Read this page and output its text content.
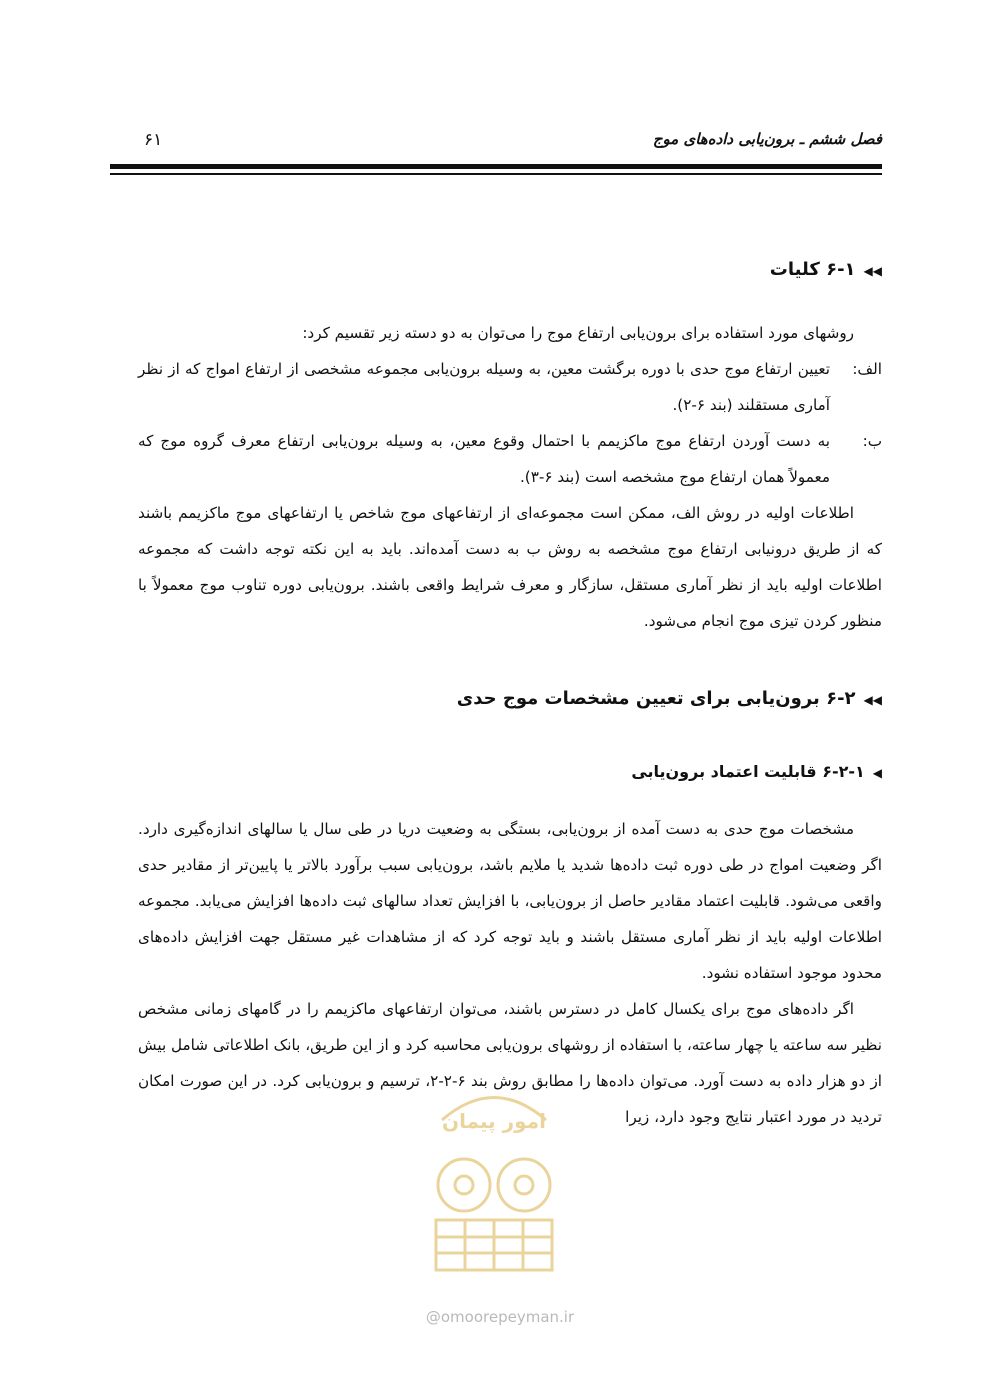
فصل ششم ـ برون‌یابی داده‌های موج
۶۱
◀◀۶-۱ کلیات

روشهای مورد استفاده برای برون‌یابی ارتفاع موج را می‌توان به دو دسته زیر تقسیم کرد:

الف:
تعیین ارتفاع موج حدی با دوره برگشت معین، به وسیله برون‌یابی مجموعه مشخصی از ارتفاع امواج که از نظر آماری مستقلند (بند ۶-۲).
ب:
به دست آوردن ارتفاع موج ماکزیمم با احتمال وقوع معین، به وسیله برون‌یابی ارتفاع معرف گروه موج که معمولاً همان ارتفاع موج مشخصه است (بند ۶-۳).

اطلاعات اولیه در روش الف، ممکن است مجموعه‌ای از ارتفاعهای موج شاخص یا ارتفاعهای موج ماکزیمم باشند که از طریق درونیابی ارتفاع موج مشخصه به روش ب به دست آمده‌اند. باید به این نکته توجه داشت که مجموعه اطلاعات اولیه باید از نظر آماری مستقل، سازگار و معرف شرایط واقعی باشند. برون‌یابی دوره تناوب موج معمولاً با منظور کردن تیزی موج انجام می‌شود.

◀◀۶-۲ برون‌یابی برای تعیین مشخصات موج حدی
◀۶-۲-۱ قابلیت اعتماد برون‌یابی

مشخصات موج حدی به دست آمده از برون‌یابی، بستگی به وضعیت دریا در طی سال یا سالهای اندازه‌گیری دارد. اگر وضعیت امواج در طی دوره ثبت داده‌ها شدید یا ملایم باشد، برون‌یابی سبب برآورد بالاتر یا پایین‌تر از مقادیر حدی واقعی می‌شود. قابلیت اعتماد مقادیر حاصل از برون‌یابی، با افزایش تعداد سالهای ثبت داده‌ها افزایش می‌یابد. مجموعه اطلاعات اولیه باید از نظر آماری مستقل باشند و باید توجه کرد که از مشاهدات غیر مستقل جهت افزایش داده‌های محدود موجود استفاده نشود.

اگر داده‌های موج برای یکسال کامل در دسترس باشند، می‌توان ارتفاعهای ماکزیمم را در گامهای زمانی مشخص نظیر سه ساعته یا چهار ساعته، با استفاده از روشهای برون‌یابی محاسبه کرد و از این طریق، بانک اطلاعاتی شامل بیش از دو هزار داده به دست آورد. می‌توان داده‌ها را مطابق روش بند ۶-۲-۲، ترسیم و برون‌یابی کرد. در این صورت امکان تردید در مورد اعتبار نتایج وجود دارد، زیرا

امور پیمان
@omoorepeyman.ir
